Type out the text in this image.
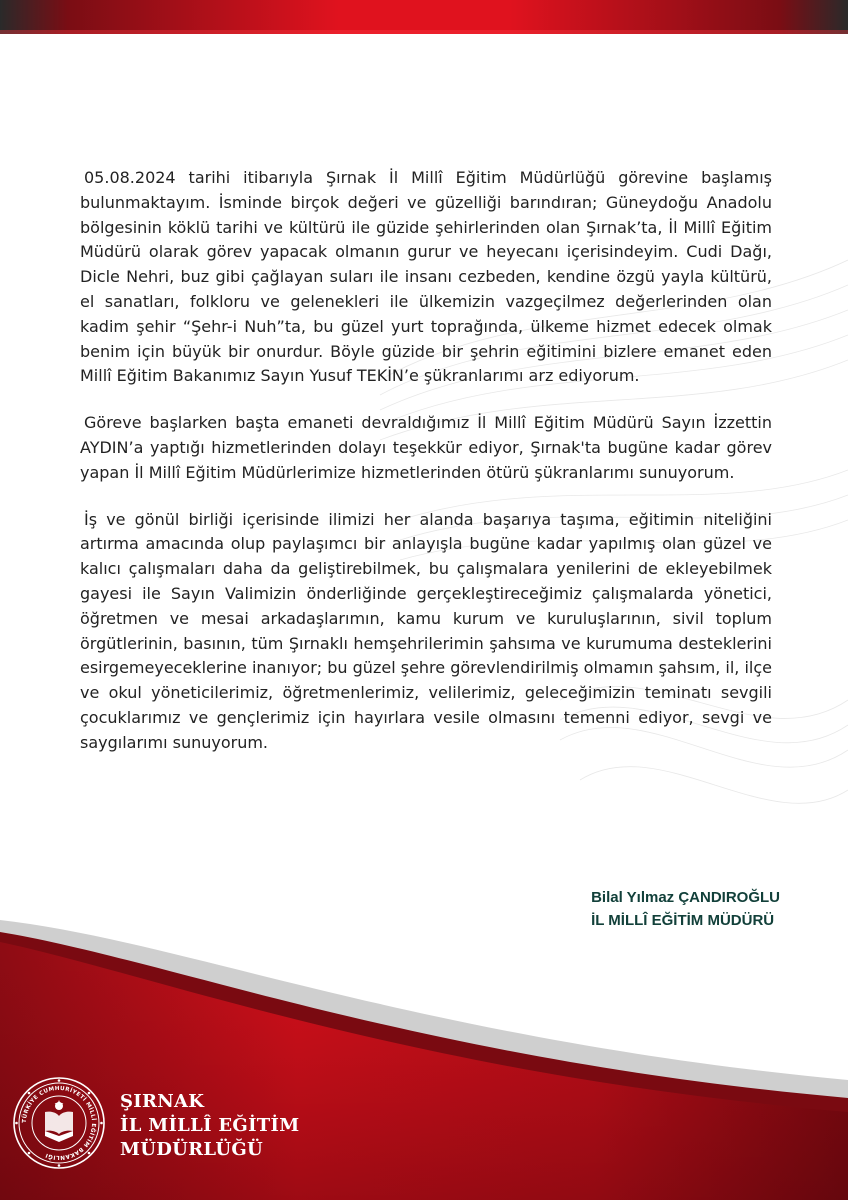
05.08.2024 tarihi itibarıyla Şırnak İl Millî Eğitim Müdürlüğü görevine başlamış bulunmaktayım. İsminde birçok değeri ve güzelliği barındıran; Güneydoğu Anadolu bölgesinin köklü tarihi ve kültürü ile güzide şehirlerinden olan Şırnak’ta, İl Millî Eğitim Müdürü olarak görev yapacak olmanın gurur ve heyecanı içerisindeyim. Cudi Dağı, Dicle Nehri, buz gibi çağlayan suları ile insanı cezbeden, kendine özgü yayla kültürü, el sanatları, folkloru ve gelenekleri ile ülkemizin vazgeçilmez değerlerinden olan kadim şehir “Şehr-i Nuh”ta, bu güzel yurt toprağında, ülkeme hizmet edecek olmak benim için büyük bir onurdur. Böyle güzide bir şehrin eğitimini bizlere emanet eden Millî Eğitim Bakanımız Sayın Yusuf TEKİN’e şükranlarımı arz ediyorum.

Göreve başlarken başta emaneti devraldığımız İl Millî Eğitim Müdürü Sayın İzzettin AYDIN’a yaptığı hizmetlerinden dolayı teşekkür ediyor, Şırnak'ta bugüne kadar görev yapan İl Millî Eğitim Müdürlerimize hizmetlerinden ötürü şükranlarımı sunuyorum.

İş ve gönül birliği içerisinde ilimizi her alanda başarıya taşıma, eğitimin niteliğini artırma amacında olup paylaşımcı bir anlayışla bugüne kadar yapılmış olan güzel ve kalıcı çalışmaları daha da geliştirebilmek, bu çalışmalara yenilerini de ekleyebilmek gayesi ile Sayın Valimizin önderliğinde gerçekleştireceğimiz çalışmalarda yönetici, öğretmen ve mesai arkadaşlarımın, kamu kurum ve kuruluşlarının, sivil toplum örgütlerinin, basının, tüm Şırnaklı hemşehrilerimin şahsıma ve kurumuma desteklerini esirgemeyeceklerine inanıyor; bu güzel şehre görevlendirilmiş olmamın şahsım, il, ilçe ve okul yöneticilerimiz, öğretmenlerimiz, velilerimiz, geleceğimizin teminatı sevgili çocuklarımız ve gençlerimiz için hayırlara vesile olmasını temenni ediyor, sevgi ve saygılarımı sunuyorum.

Bilal Yılmaz ÇANDIROĞLU
İL MİLLÎ EĞİTİM MÜDÜRÜ
TÜRKİYE CUMHURİYETİ MİLLÎ EĞİTİM BAKANLIĞI
ŞIRNAK
İL MİLLÎ EĞİTİM
MÜDÜRLÜĞÜ
